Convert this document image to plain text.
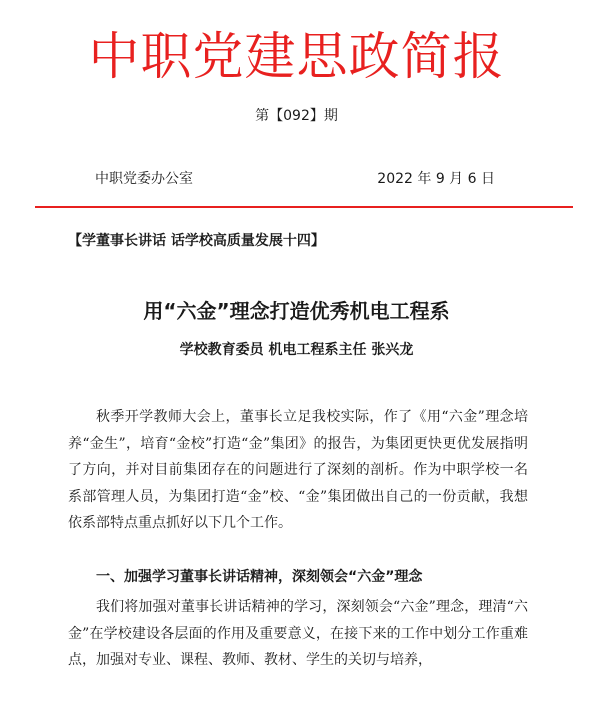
中职党建思政简报
第【092】期
中职党委办公室	2022 年 9 月 6 日
【学董事长讲话 话学校高质量发展十四】
用“六金”理念打造优秀机电工程系
学校教育委员 机电工程系主任 张兴龙

秋季开学教师大会上，董事长立足我校实际，作了《用“六金”理念培养“金生”，培育“金校”打造“金”集团》的报告，为集团更快更优发展指明了方向，并对目前集团存在的问题进行了深刻的剖析。作为中职学校一名系部管理人员，为集团打造“金”校、“金”集团做出自己的一份贡献，我想依系部特点重点抓好以下几个工作。

一、加强学习董事长讲话精神，深刻领会“六金”理念

我们将加强对董事长讲话精神的学习，深刻领会“六金”理念，理清“六金”在学校建设各层面的作用及重要意义，在接下来的工作中划分工作重难点，加强对专业、课程、教师、教材、学生的关切与培养，
